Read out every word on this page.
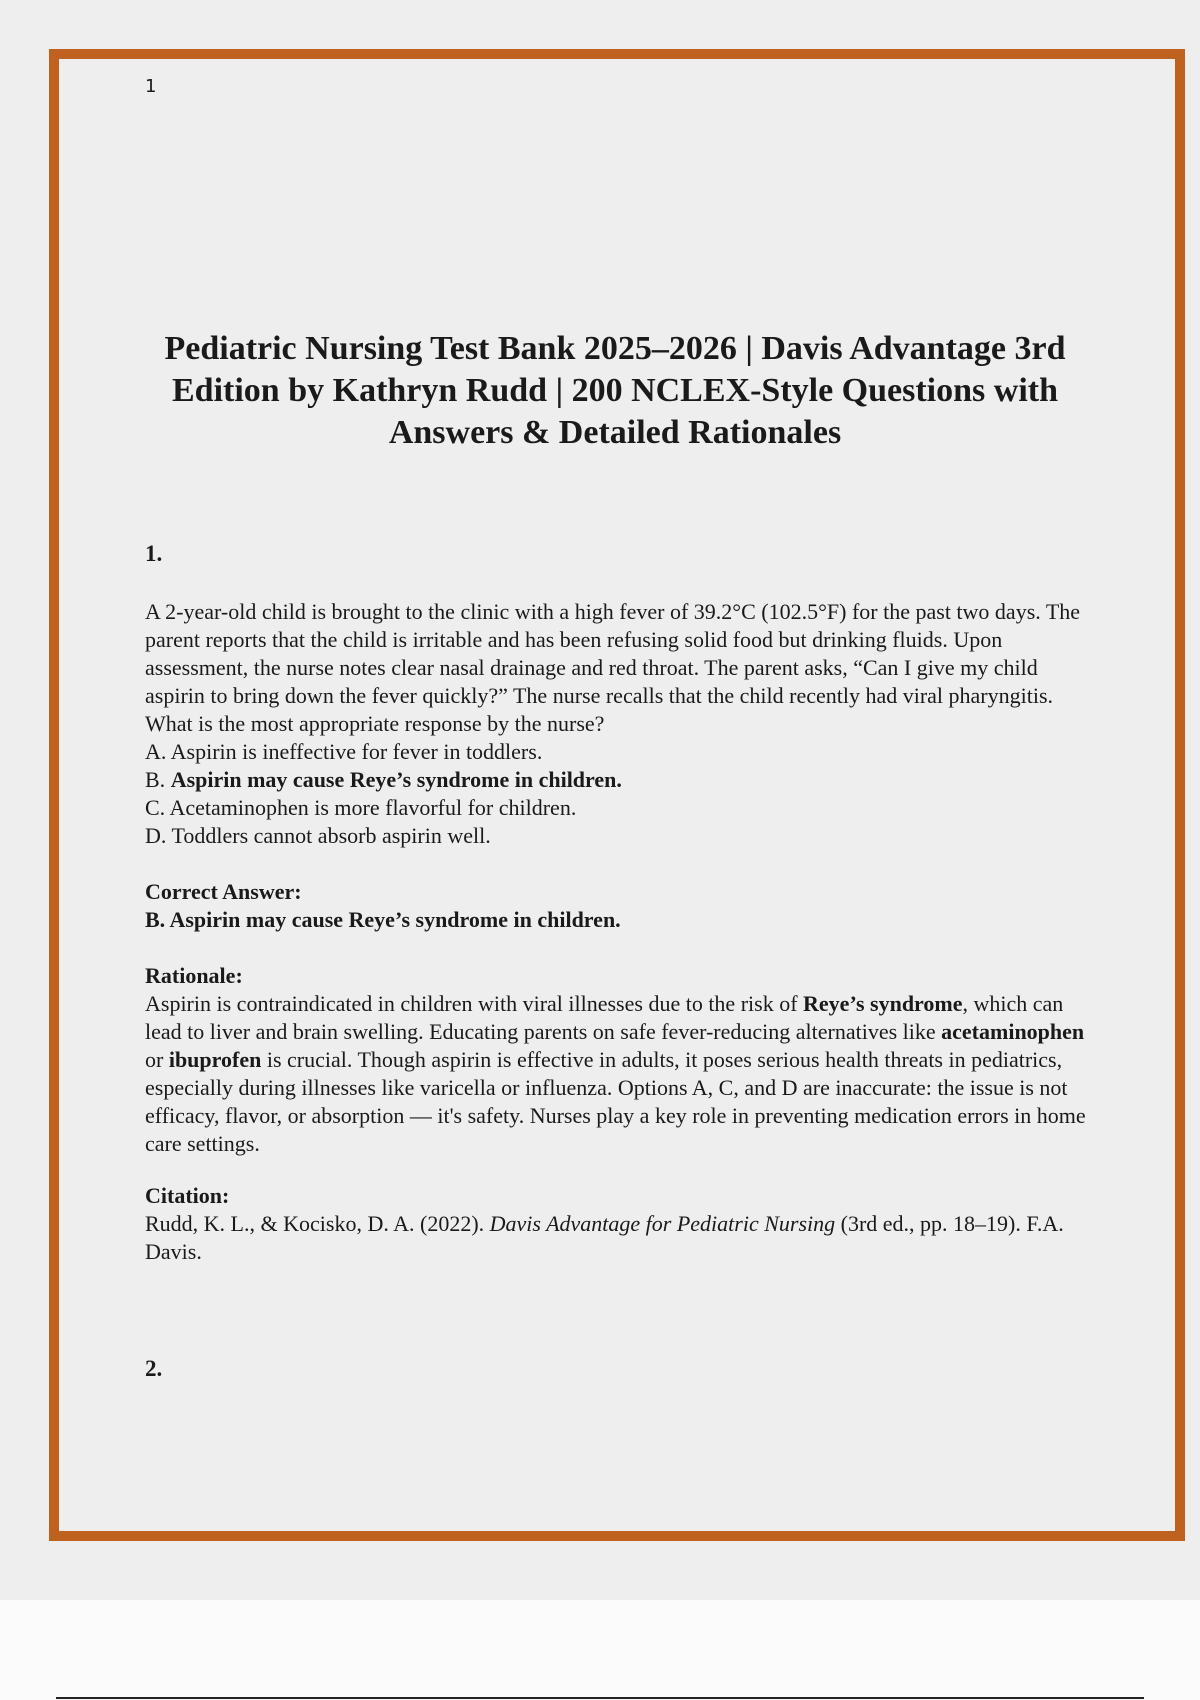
1
Pediatric Nursing Test Bank 2025–2026 | Davis Advantage 3rd Edition by Kathryn Rudd | 200 NCLEX-Style Questions with Answers & Detailed Rationales
1.

A 2-year-old child is brought to the clinic with a high fever of 39.2°C (102.5°F) for the past two days. The parent reports that the child is irritable and has been refusing solid food but drinking fluids. Upon assessment, the nurse notes clear nasal drainage and red throat. The parent asks, “Can I give my child aspirin to bring down the fever quickly?” The nurse recalls that the child recently had viral pharyngitis. What is the most appropriate response by the nurse?

A. Aspirin is ineffective for fever in toddlers.
B. Aspirin may cause Reye’s syndrome in children.
C. Acetaminophen is more flavorful for children.
D. Toddlers cannot absorb aspirin well.
Correct Answer:
B. Aspirin may cause Reye’s syndrome in children.
Rationale:

Aspirin is contraindicated in children with viral illnesses due to the risk of Reye’s syndrome, which can lead to liver and brain swelling. Educating parents on safe fever-reducing alternatives like acetaminophen or ibuprofen is crucial. Though aspirin is effective in adults, it poses serious health threats in pediatrics, especially during illnesses like varicella or influenza. Options A, C, and D are inaccurate: the issue is not efficacy, flavor, or absorption — it's safety. Nurses play a key role in preventing medication errors in home care settings.

Citation:

Rudd, K. L., & Kocisko, D. A. (2022). Davis Advantage for Pediatric Nursing (3rd ed., pp. 18–19). F.A. Davis.

2.
